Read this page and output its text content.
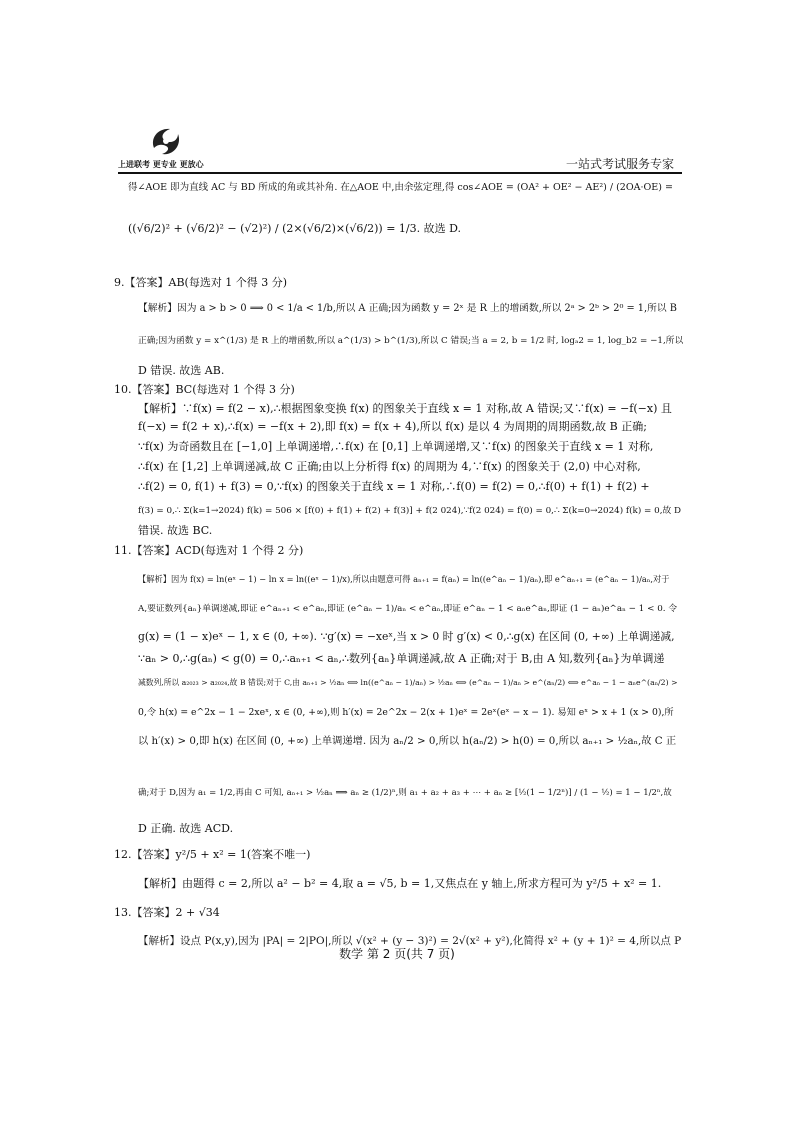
上进联考 更专业 更放心	一站式考试服务专家
得∠AOE 即为直线 AC 与 BD 所成的角或其补角. 在△AOE 中,由余弦定理,得 cos∠AOE = (OA² + OE² − AE²) / (2OA·OE) =
((√6/2)² + (√6/2)² − (√2)²) / (2×(√6/2)×(√6/2)) = 1/3. 故选 D.
9.【答案】AB(每选对 1 个得 3 分)
【解析】因为 a > b > 0 ⟹ 0 < 1/a < 1/b,所以 A 正确;因为函数 y = 2ˣ 是 R 上的增函数,所以 2ᵃ > 2ᵇ > 2⁰ = 1,所以 B
正确;因为函数 y = x^(1/3) 是 R 上的增函数,所以 a^(1/3) > b^(1/3),所以 C 错误;当 a = 2, b = 1/2 时, logₐ2 = 1, log_b2 = −1,所以
D 错误. 故选 AB.
10.【答案】BC(每选对 1 个得 3 分)
【解析】∵f(x) = f(2 − x),∴根据图象变换 f(x) 的图象关于直线 x = 1 对称,故 A 错误;又∵f(x) = −f(−x) 且
f(−x) = f(2 + x),∴f(x) = −f(x + 2),即 f(x) = f(x + 4),所以 f(x) 是以 4 为周期的周期函数,故 B 正确;
∵f(x) 为奇函数且在 [−1,0] 上单调递增,∴f(x) 在 [0,1] 上单调递增,又∵f(x) 的图象关于直线 x = 1 对称,
∴f(x) 在 [1,2] 上单调递减,故 C 正确;由以上分析得 f(x) 的周期为 4,∵f(x) 的图象关于 (2,0) 中心对称,
∴f(2) = 0, f(1) + f(3) = 0,∵f(x) 的图象关于直线 x = 1 对称,∴f(0) = f(2) = 0,∴f(0) + f(1) + f(2) +
f(3) = 0,∴ Σ(k=1→2024) f(k) = 506 × [f(0) + f(1) + f(2) + f(3)] + f(2 024),∵f(2 024) = f(0) = 0,∴ Σ(k=0→2024) f(k) = 0,故 D
错误. 故选 BC.
11.【答案】ACD(每选对 1 个得 2 分)
【解析】因为 f(x) = ln(eˣ − 1) − ln x = ln((eˣ − 1)/x),所以由题意可得 aₙ₊₁ = f(aₙ) = ln((e^aₙ − 1)/aₙ),即 e^aₙ₊₁ = (e^aₙ − 1)/aₙ,对于
A,要证数列{aₙ}单调递减,即证 e^aₙ₊₁ < e^aₙ,即证 (e^aₙ − 1)/aₙ < e^aₙ,即证 e^aₙ − 1 < aₙe^aₙ,即证 (1 − aₙ)e^aₙ − 1 < 0. 令
g(x) = (1 − x)eˣ − 1, x ∈ (0, +∞). ∵g′(x) = −xeˣ,当 x > 0 时 g′(x) < 0,∴g(x) 在区间 (0, +∞) 上单调递减,
∵aₙ > 0,∴g(aₙ) < g(0) = 0,∴aₙ₊₁ < aₙ,∴数列{aₙ}单调递减,故 A 正确;对于 B,由 A 知,数列{aₙ}为单调递
减数列,所以 a₂₀₂₃ > a₂₀₂₄,故 B 错误;对于 C,由 aₙ₊₁ > ½aₙ ⟺ ln((e^aₙ − 1)/aₙ) > ½aₙ ⟺ (e^aₙ − 1)/aₙ > e^(aₙ/2) ⟺ e^aₙ − 1 − aₙe^(aₙ/2) >
0,令 h(x) = e^2x − 1 − 2xeˣ, x ∈ (0, +∞),则 h′(x) = 2e^2x − 2(x + 1)eˣ = 2eˣ(eˣ − x − 1). 易知 eˣ > x + 1 (x > 0),所
以 h′(x) > 0,即 h(x) 在区间 (0, +∞) 上单调递增. 因为 aₙ/2 > 0,所以 h(aₙ/2) > h(0) = 0,所以 aₙ₊₁ > ½aₙ,故 C 正
确;对于 D,因为 a₁ = 1/2,再由 C 可知, aₙ₊₁ > ½aₙ ⟹ aₙ ≥ (1/2)ⁿ,则 a₁ + a₂ + a₃ + ⋯ + aₙ ≥ [½(1 − 1/2ⁿ)] / (1 − ½) = 1 − 1/2ⁿ,故
D 正确. 故选 ACD.
12.【答案】y²/5 + x² = 1(答案不唯一)
【解析】由题得 c = 2,所以 a² − b² = 4,取 a = √5, b = 1,又焦点在 y 轴上,所求方程可为 y²/5 + x² = 1.
13.【答案】2 + √34
【解析】设点 P(x,y),因为 |PA| = 2|PO|,所以 √(x² + (y − 3)²) = 2√(x² + y²),化简得 x² + (y + 1)² = 4,所以点 P
数学 第 2 页(共 7 页)
